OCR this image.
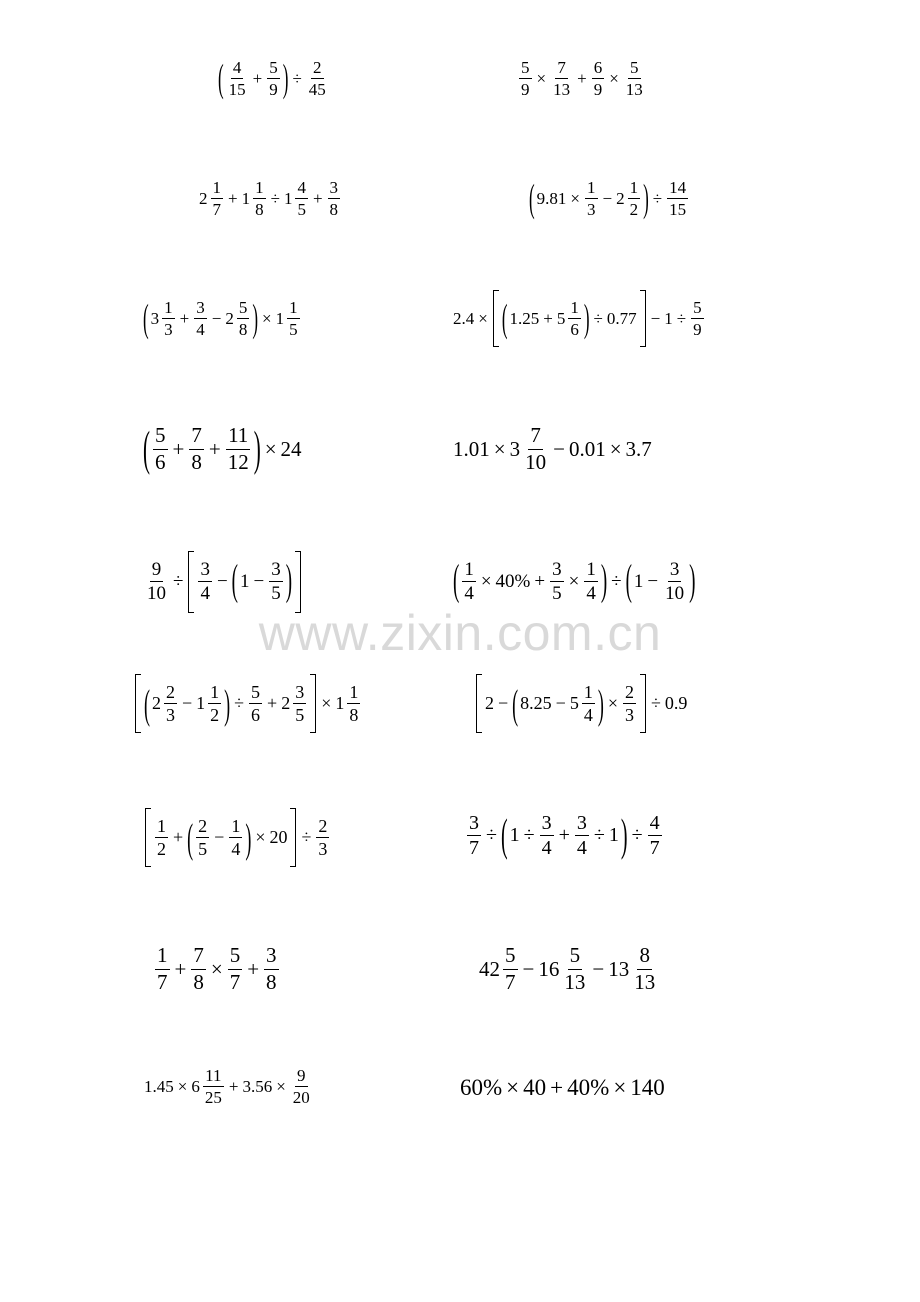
( $\frac{4}{15} + \frac{5}{9}$ ) ÷ $\frac{2}{45}$	$\frac{5}{9} \times \frac{7}{13} + \frac{6}{9} \times \frac{5}{13}$
$2 \frac{1}{7} + 1 \frac{1}{8} \div 1 \frac{4}{5} + \frac{3}{8}$	( $9.81 \times \frac{1}{3} - 2 \frac{1}{2}$ ) ÷ $\frac{14}{15}$
( $3 \frac{1}{3} + \frac{3}{4} - 2 \frac{5}{8}$ ) × $1 \frac{1}{5}$	2.4 × ( $1.25 + 5 \frac{1}{6}$ ) ÷ $0.77 - 1 \div \frac{5}{9}$
( $\frac{5}{6} + \frac{7}{8} + \frac{11}{12}$ ) × 24	$1.01 \times 3 \frac{7}{10} - 0.01 \times 3.7$
$\frac{9}{10} \div \frac{3}{4}$ − ( $1 - \frac{3}{5}$ )	( $\frac{1}{4} \times 40\% + \frac{3}{5} \times \frac{1}{4}$ ) ÷ ( $1 - \frac{3}{10}$ )
www.zixin.com.cn
( $2 \frac{2}{3} - 1 \frac{1}{2}$ ) ÷ $\frac{5}{6} + 2 \frac{3}{5} \times 1 \frac{1}{8}$	2 − ( $8.25 - 5 \frac{1}{4}$ ) × $\frac{2}{3} \div 0.9$
$\frac{1}{2}$ + ( $\frac{2}{5} - \frac{1}{4}$ ) × $20 \div \frac{2}{3}$	$\frac{3}{7}$ ÷ ( $1 \div \frac{3}{4} + \frac{3}{4} \div 1$ ) ÷ $\frac{4}{7}$
$\frac{1}{7} + \frac{7}{8} \times \frac{5}{7} + \frac{3}{8}$	$42 \frac{5}{7} - 16 \frac{5}{13} - 13 \frac{8}{13}$
$1.45 \times 6 \frac{11}{25} + 3.56 \times \frac{9}{20}$	60% × 40 + 40% × 140
